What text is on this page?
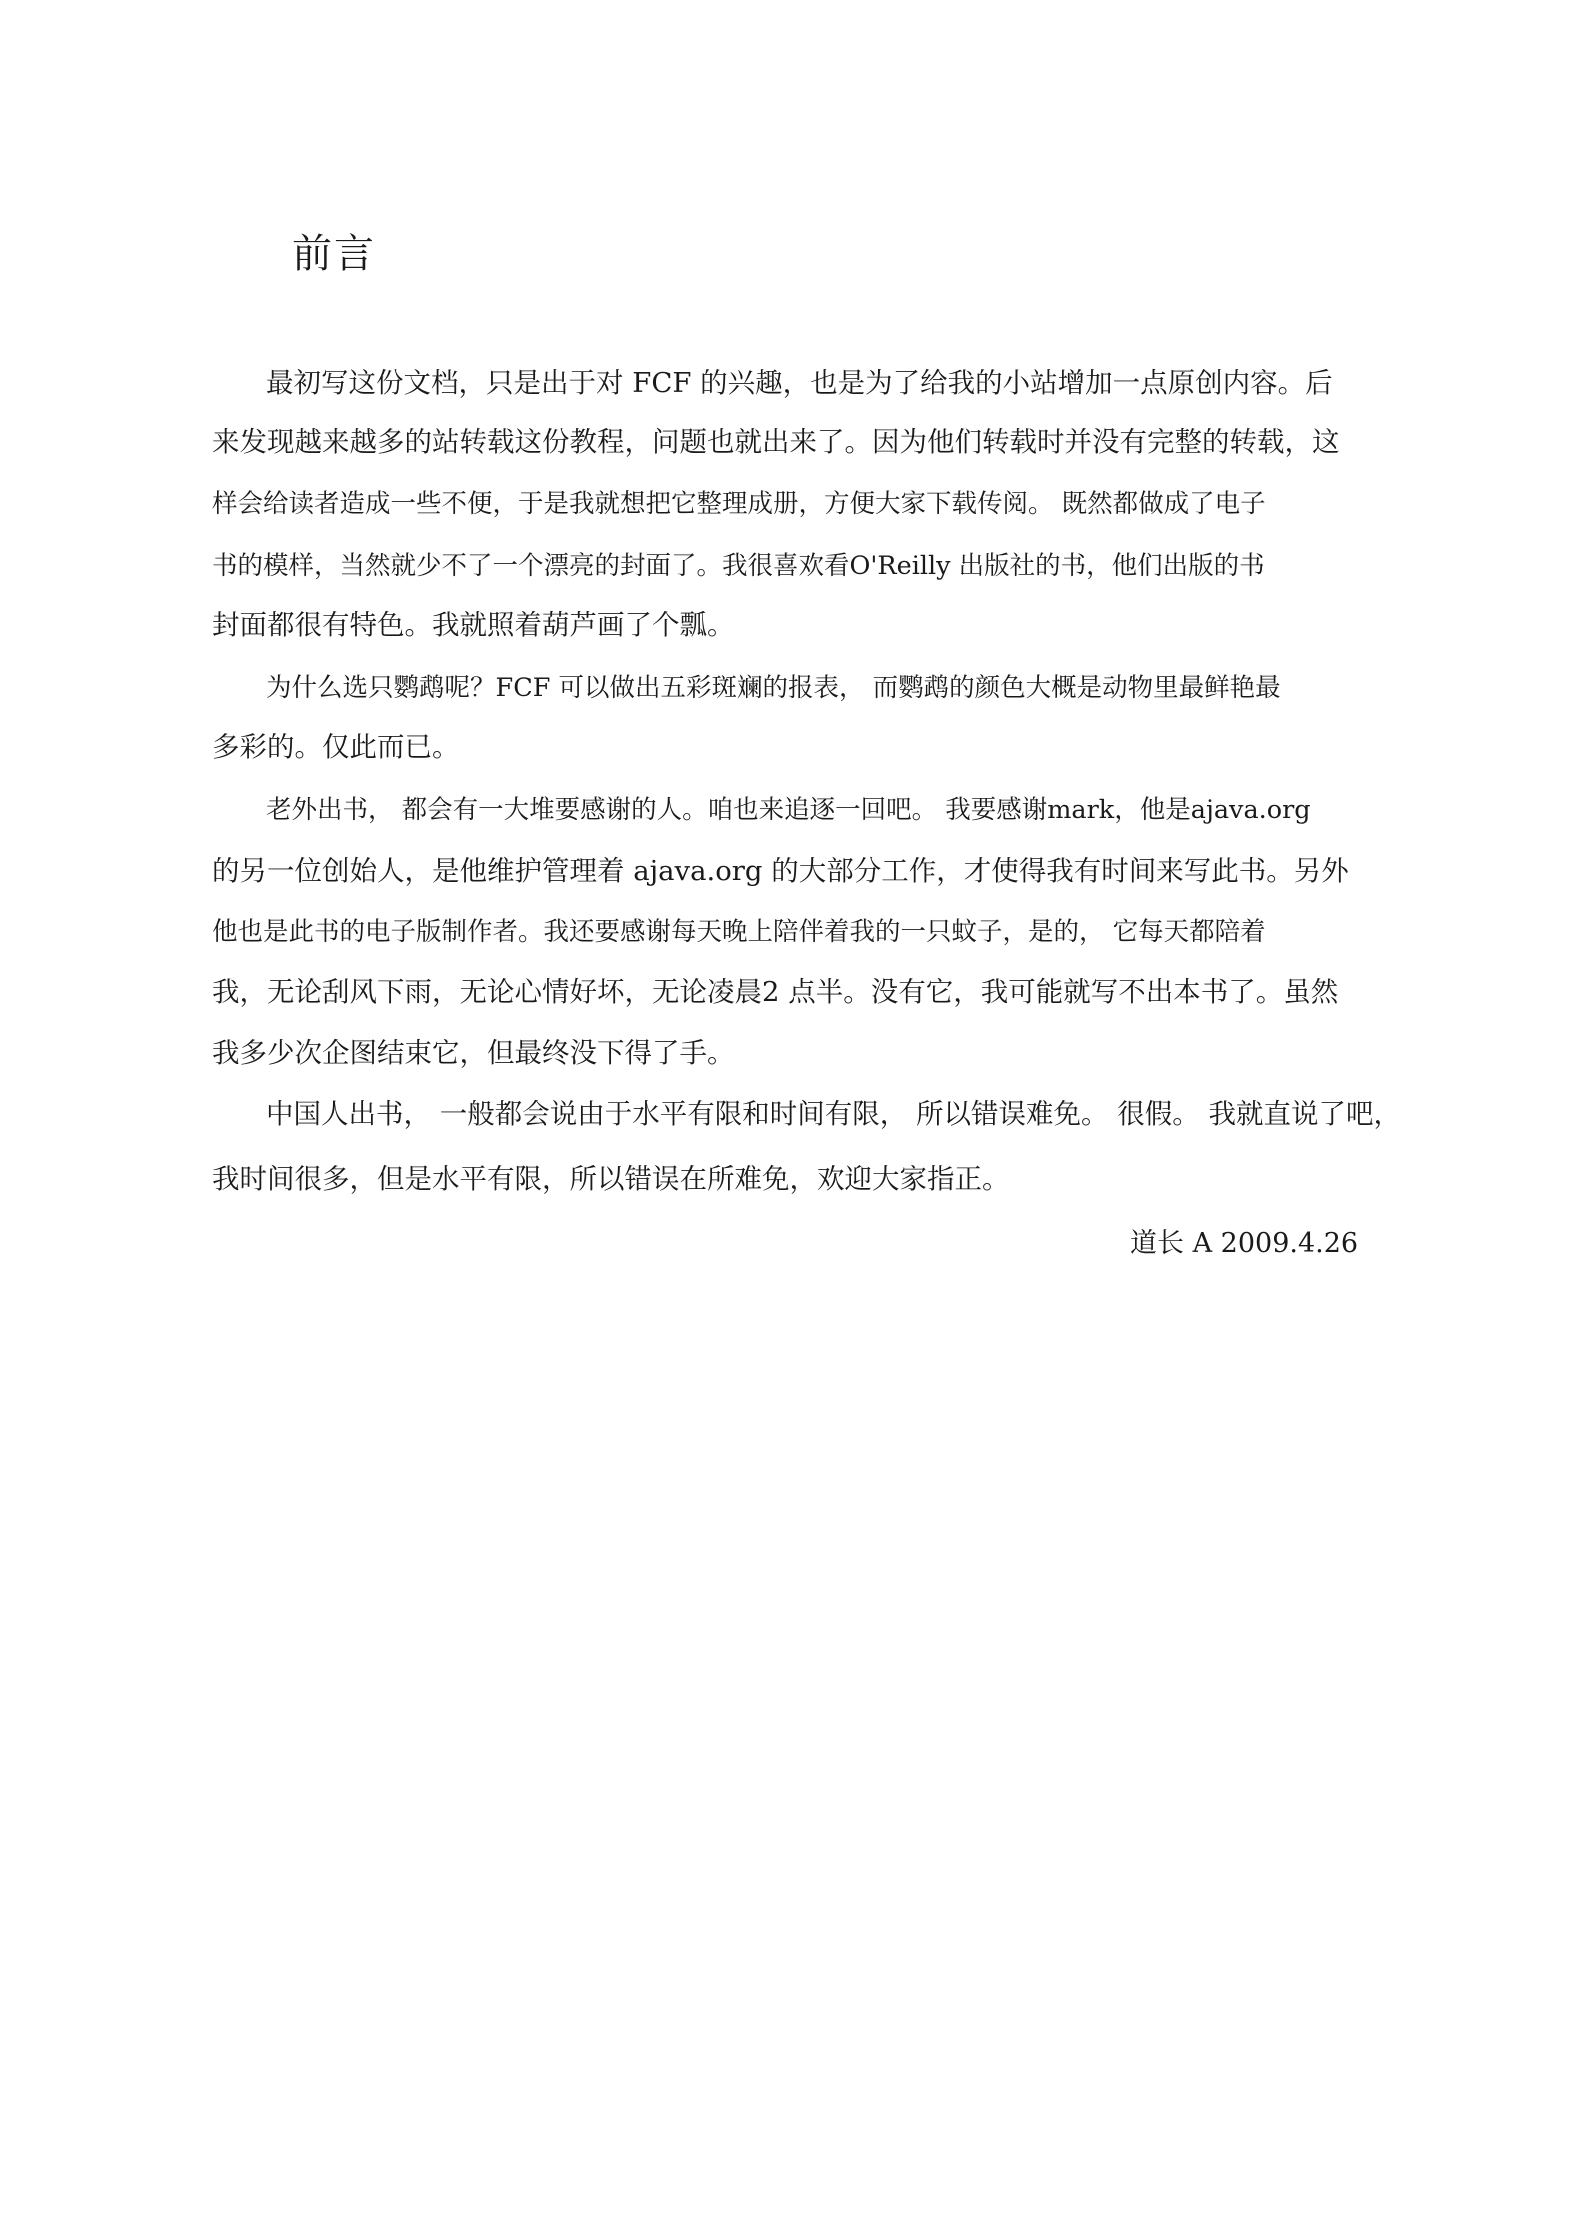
前言
最初写这份文档，只是出于对 FCF 的兴趣，也是为了给我的小站增加一点原创内容。后
来发现越来越多的站转载这份教程，问题也就出来了。因为他们转载时并没有完整的转载，这
样会给读者造成一些不便，于是我就想把它整理成册，方便大家下载传阅。 既然都做成了电子
书的模样，当然就少不了一个漂亮的封面了。我很喜欢看O'Reilly 出版社的书，他们出版的书
封面都很有特色。我就照着葫芦画了个瓢。
为什么选只鹦鹉呢？FCF 可以做出五彩斑斓的报表， 而鹦鹉的颜色大概是动物里最鲜艳最
多彩的。仅此而已。
老外出书， 都会有一大堆要感谢的人。咱也来追逐一回吧。 我要感谢mark，他是ajava.org
的另一位创始人，是他维护管理着 ajava.org 的大部分工作，才使得我有时间来写此书。另外
他也是此书的电子版制作者。我还要感谢每天晚上陪伴着我的一只蚊子，是的， 它每天都陪着
我，无论刮风下雨，无论心情好坏，无论凌晨2 点半。没有它，我可能就写不出本书了。虽然
我多少次企图结束它，但最终没下得了手。
中国人出书， 一般都会说由于水平有限和时间有限， 所以错误难免。 很假。 我就直说了吧，
我时间很多，但是水平有限，所以错误在所难免，欢迎大家指正。
道长 A 2009.4.26
